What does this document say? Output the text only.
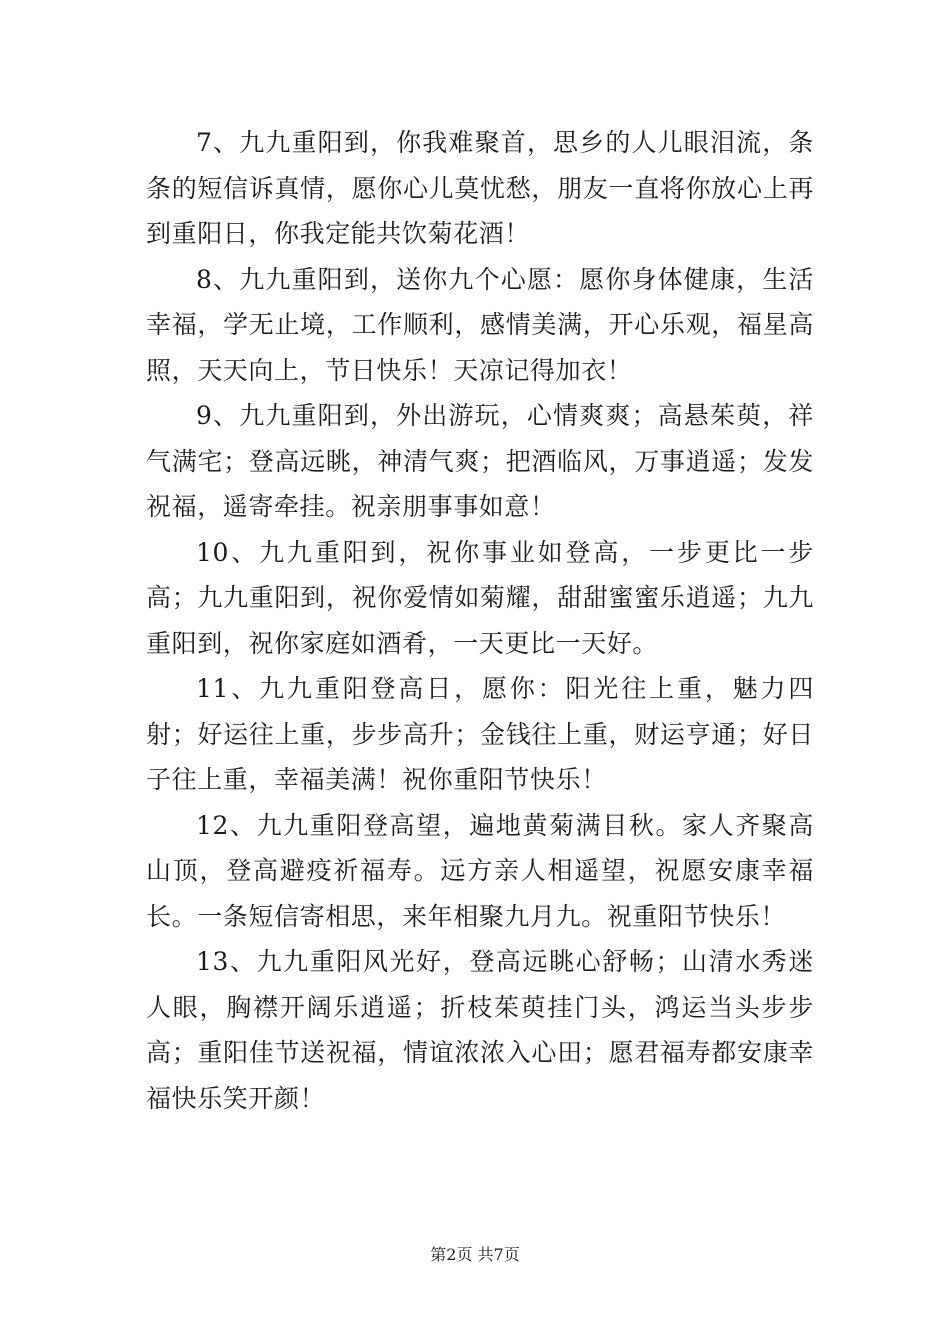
7、九九重阳到，你我难聚首，思乡的人儿眼泪流，条条的短信诉真情，愿你心儿莫忧愁，朋友一直将你放心上再到重阳日，你我定能共饮菊花酒！

8、九九重阳到，送你九个心愿：愿你身体健康，生活幸福，学无止境，工作顺利，感情美满，开心乐观，福星高照，天天向上，节日快乐！天凉记得加衣！

9、九九重阳到，外出游玩，心情爽爽；高悬茱萸，祥气满宅；登高远眺，神清气爽；把酒临风，万事逍遥；发发祝福，遥寄牵挂。祝亲朋事事如意！

10、九九重阳到，祝你事业如登高，一步更比一步高；九九重阳到，祝你爱情如菊耀，甜甜蜜蜜乐逍遥；九九重阳到，祝你家庭如酒肴，一天更比一天好。

11、九九重阳登高日，愿你：阳光往上重，魅力四射；好运往上重，步步高升；金钱往上重，财运亨通；好日子往上重，幸福美满！祝你重阳节快乐！

12、九九重阳登高望，遍地黄菊满目秋。家人齐聚高山顶，登高避疫祈福寿。远方亲人相遥望，祝愿安康幸福长。一条短信寄相思，来年相聚九月九。祝重阳节快乐！

13、九九重阳风光好，登高远眺心舒畅；山清水秀迷人眼，胸襟开阔乐逍遥；折枝茱萸挂门头，鸿运当头步步高；重阳佳节送祝福，情谊浓浓入心田；愿君福寿都安康幸福快乐笑开颜！

第2页 共7页
